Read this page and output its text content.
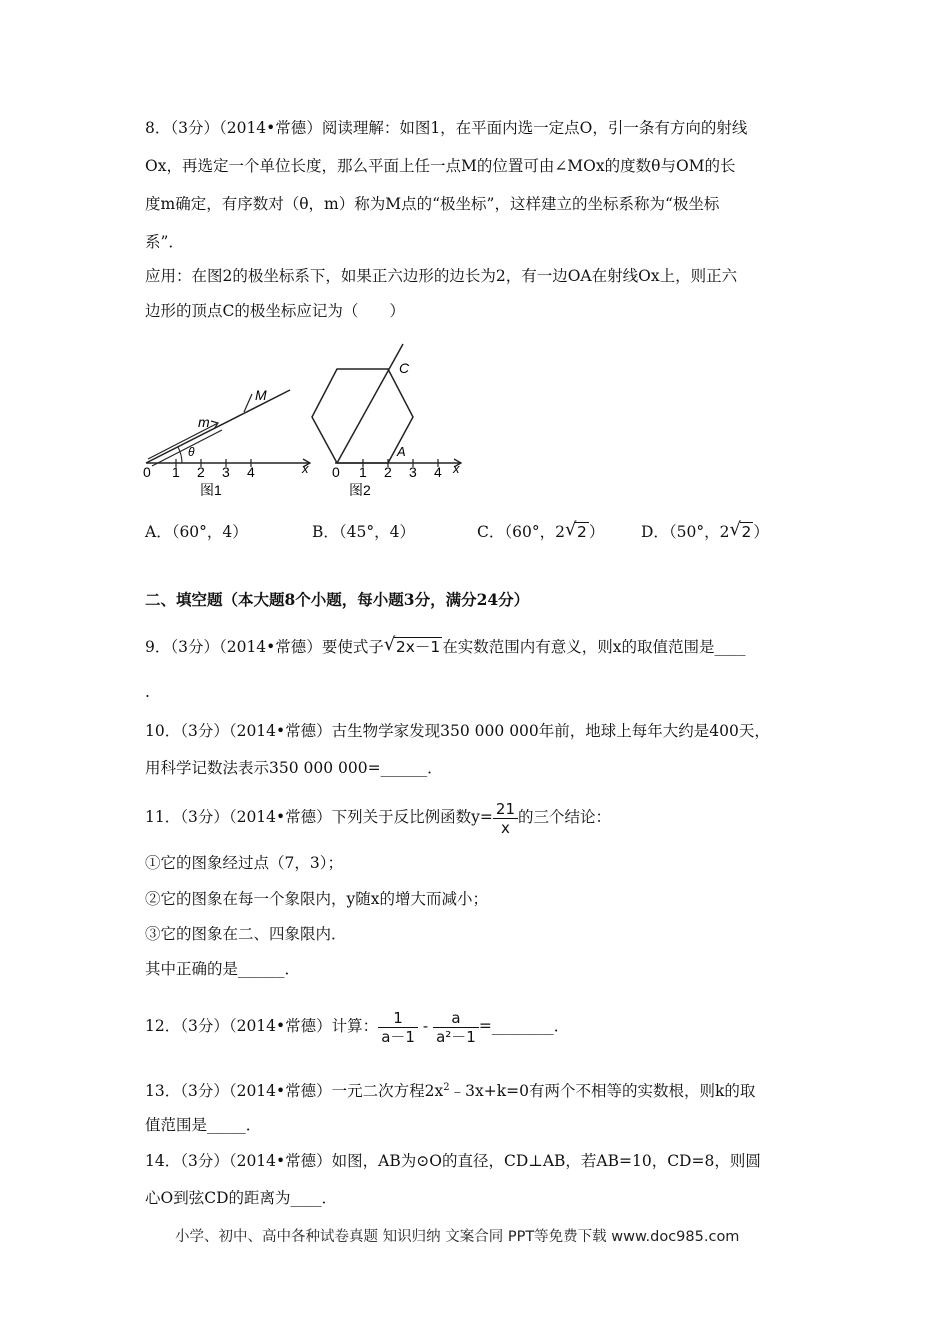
8．（3分）（2014•常德）阅读理解：如图1，在平面内选一定点O，引一条有方向的射线
Ox，再选定一个单位长度，那么平面上任一点M的位置可由∠MOx的度数θ与OM的长
度m确定，有序数对（θ，m）称为M点的“极坐标”，这样建立的坐标系称为“极坐标
系”．
应用：在图2的极坐标系下，如果正六边形的边长为2，有一边OA在射线Ox上，则正六
边形的顶点C的极坐标应记为（　　）
0 1 2 3 4	x
m
M
θ
图1
0 1 2 3 4 x
A
C
图2
A．（60°，4）	B．（45°，4）	C．（60°，2 √ 2 ） D．（50°，2 √ 2 ）
二、填空题（本大题8个小题，每小题3分，满分24分）
9．（3分）（2014•常德）要使式子 √ 2x－1 在实数范围内有意义，则x的取值范围是____
.
10．（3分）（2014•常德）古生物学家发现350 000 000年前，地球上每年大约是400天，
用科学记数法表示350 000 000=______．
11．（3分）（2014•常德）下列关于反比例函数$y= \frac{21}{x}$ 的三个结论：
①它的图象经过点（7，3）；
②它的图象在每一个象限内，y随x的增大而减小；
③它的图象在二、四象限内．
其中正确的是______．
12．（3分）（2014•常德）计算： $\frac{1}{a-1} - \frac{a}{\text{a²－1}}$ =________．
13．（3分）（2014•常德）一元二次方程$2x^2﹣3x+k=0$有两个不相等的实数根，则k的取
值范围是_____．
14．（3分）（2014•常德）如图，AB为⊙O的直径，CD⊥AB，若AB=10，CD=8，则圆
心O到弦CD的距离为____．
小学、初中、高中各种试卷真题 知识归纳 文案合同 PPT等免费下载 www.doc985.com
